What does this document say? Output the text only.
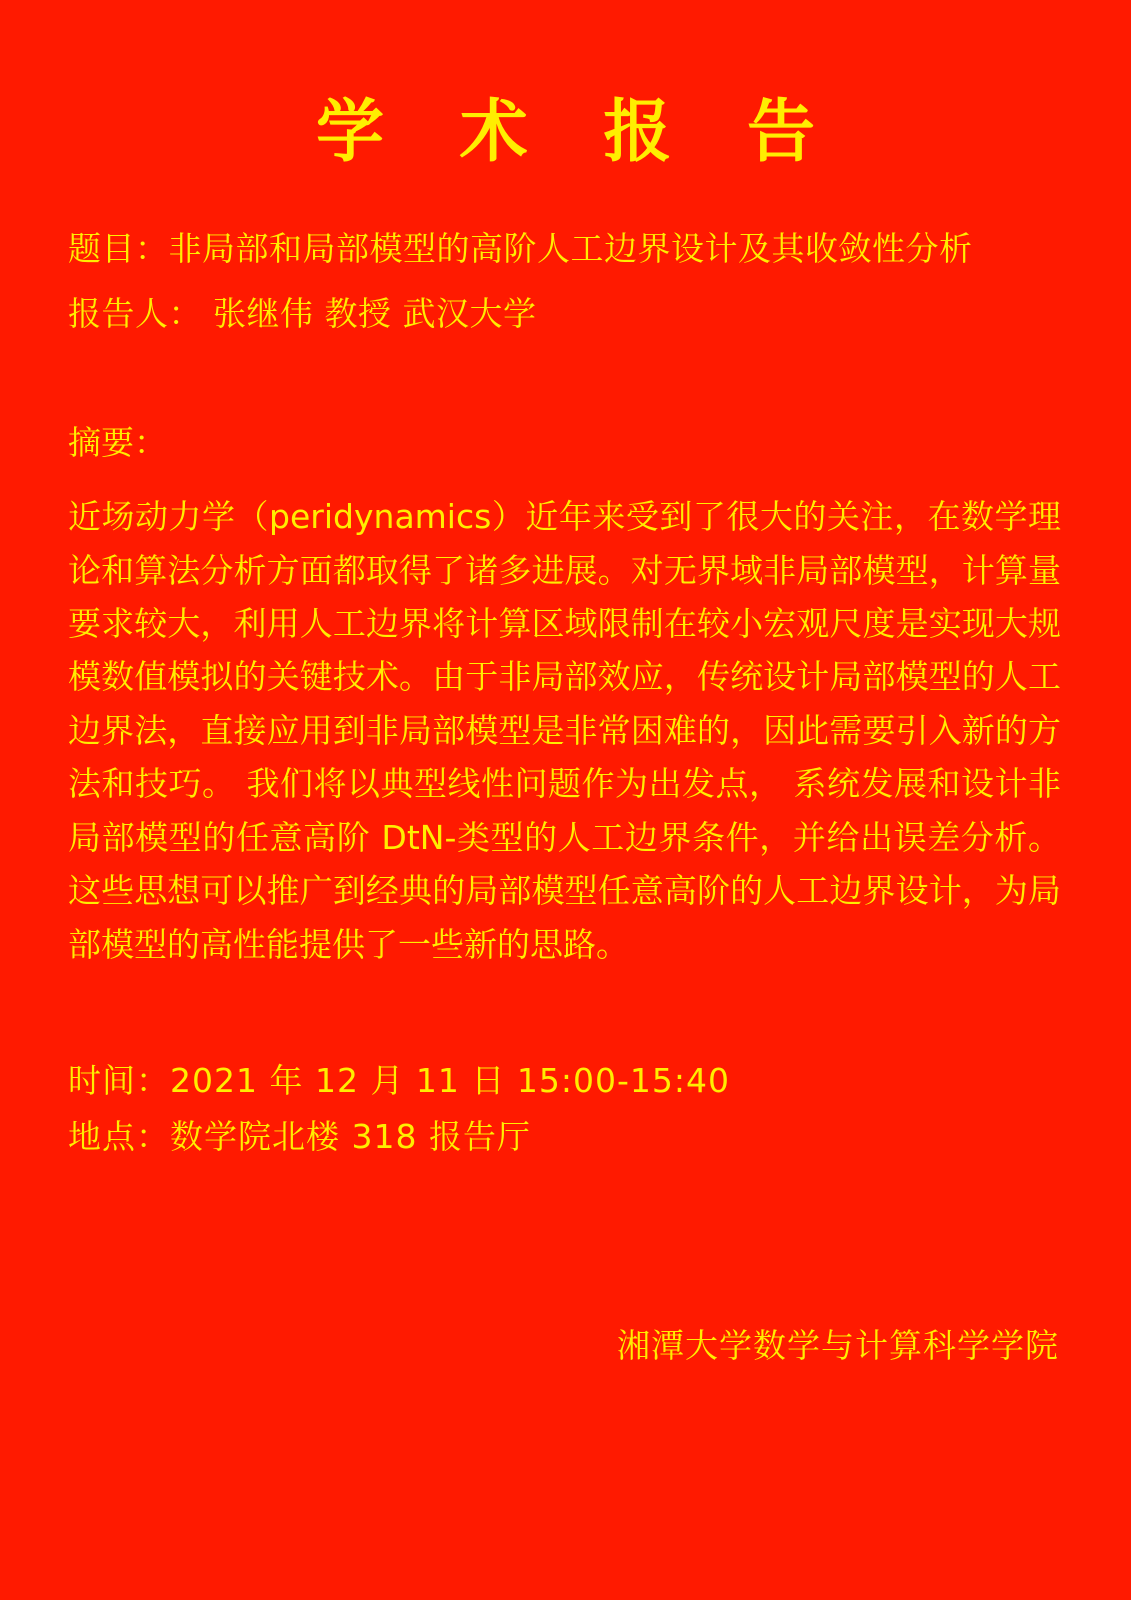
学 术 报 告
题目：非局部和局部模型的高阶人工边界设计及其收敛性分析
报告人： 张继伟 教授 武汉大学
摘要：
近场动力学（peridynamics）近年来受到了很大的关注，在数学理论和算法分析方面都取得了诸多进展。对无界域非局部模型，计算量要求较大，利用人工边界将计算区域限制在较小宏观尺度是实现大规模数值模拟的关键技术。由于非局部效应，传统设计局部模型的人工边界法，直接应用到非局部模型是非常困难的，因此需要引入新的方法和技巧。 我们将以典型线性问题作为出发点， 系统发展和设计非局部模型的任意高阶 DtN-类型的人工边界条件，并给出误差分析。这些思想可以推广到经典的局部模型任意高阶的人工边界设计，为局部模型的高性能提供了一些新的思路。
时间：2021 年 12 月 11 日 15:00-15:40
地点：数学院北楼 318 报告厅
湘潭大学数学与计算科学学院
